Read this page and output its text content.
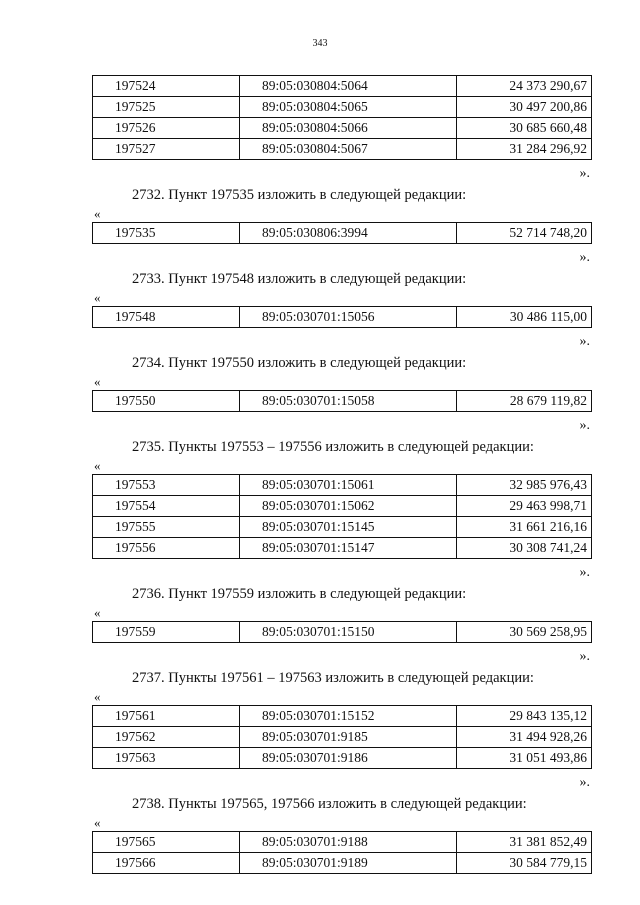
343
197524	89:05:030804:5064	24 373 290,67
197525	89:05:030804:5065	30 497 200,86
197526	89:05:030804:5066	30 685 660,48
197527	89:05:030804:5067	31 284 296,92
».
2732. Пункт 197535 изложить в следующей редакции:
«
197535	89:05:030806:3994	52 714 748,20
».
2733. Пункт 197548 изложить в следующей редакции:
«
197548	89:05:030701:15056	30 486 115,00
».
2734. Пункт 197550 изложить в следующей редакции:
«
197550	89:05:030701:15058	28 679 119,82
».
2735. Пункты 197553 – 197556 изложить в следующей редакции:
«
197553	89:05:030701:15061	32 985 976,43
197554	89:05:030701:15062	29 463 998,71
197555	89:05:030701:15145	31 661 216,16
197556	89:05:030701:15147	30 308 741,24
».
2736. Пункт 197559 изложить в следующей редакции:
«
197559	89:05:030701:15150	30 569 258,95
».
2737. Пункты 197561 – 197563 изложить в следующей редакции:
«
197561	89:05:030701:15152	29 843 135,12
197562	89:05:030701:9185	31 494 928,26
197563	89:05:030701:9186	31 051 493,86
».
2738. Пункты 197565, 197566 изложить в следующей редакции:
«
197565	89:05:030701:9188	31 381 852,49
197566	89:05:030701:9189	30 584 779,15
